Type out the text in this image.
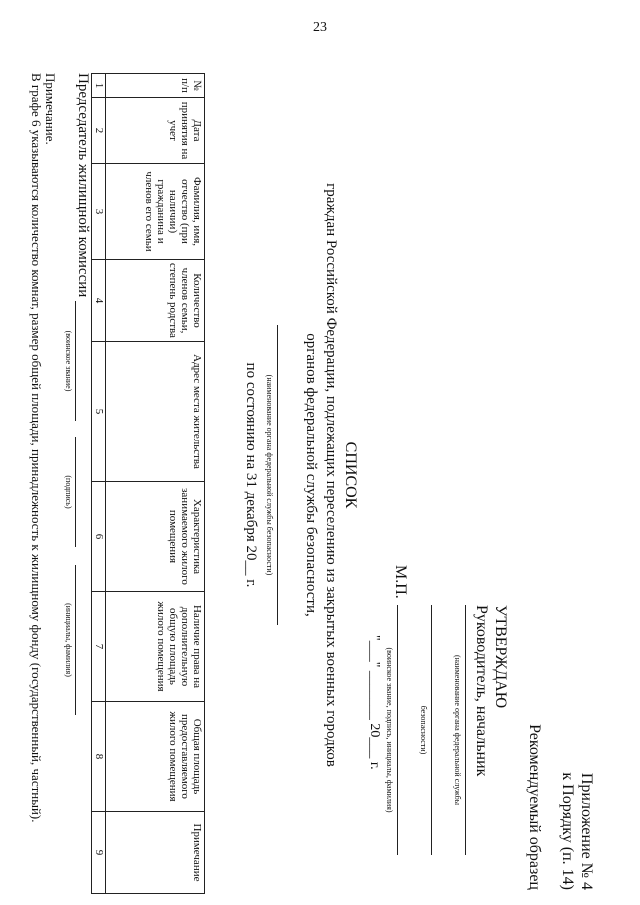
23
Приложение № 4
к Порядку (п. 14)
Рекомендуемый образец
УТВЕРЖДАЮ
Руководитель, начальник
(наименование органа федеральной службы
безопасности)
(воинское звание, подпись, инициалы, фамилия)
"___" _______ 20___ г.
М.П.
СПИСОК
граждан Российской Федерации, подлежащих переселению из закрытых военных городков
органов федеральной службы безопасности,
(наименование органа федеральной службы безопасности)
по состоянию на 31 декабря 20__ г.
№ п/п	Дата принятия на учет	Фамилия, имя, отчество (при наличии) гражданина и членов его семьи	Количество членов семьи, степень родства	Адрес места жительства	Характеристика занимаемого жилого помещения	Наличие права на дополнительную общую площадь жилого помещения	Общая площадь предоставляемого жилого помещения	Примечание
1	2	3	4	5	6	7	8	9
Председатель жилищной комиссии
(воинское звание)
(подпись)
(инициалы, фамилия)
Примечание.
В графе 6 указываются количество комнат, размер общей площади, принадлежность к жилищному фонду (государственный, частный).
